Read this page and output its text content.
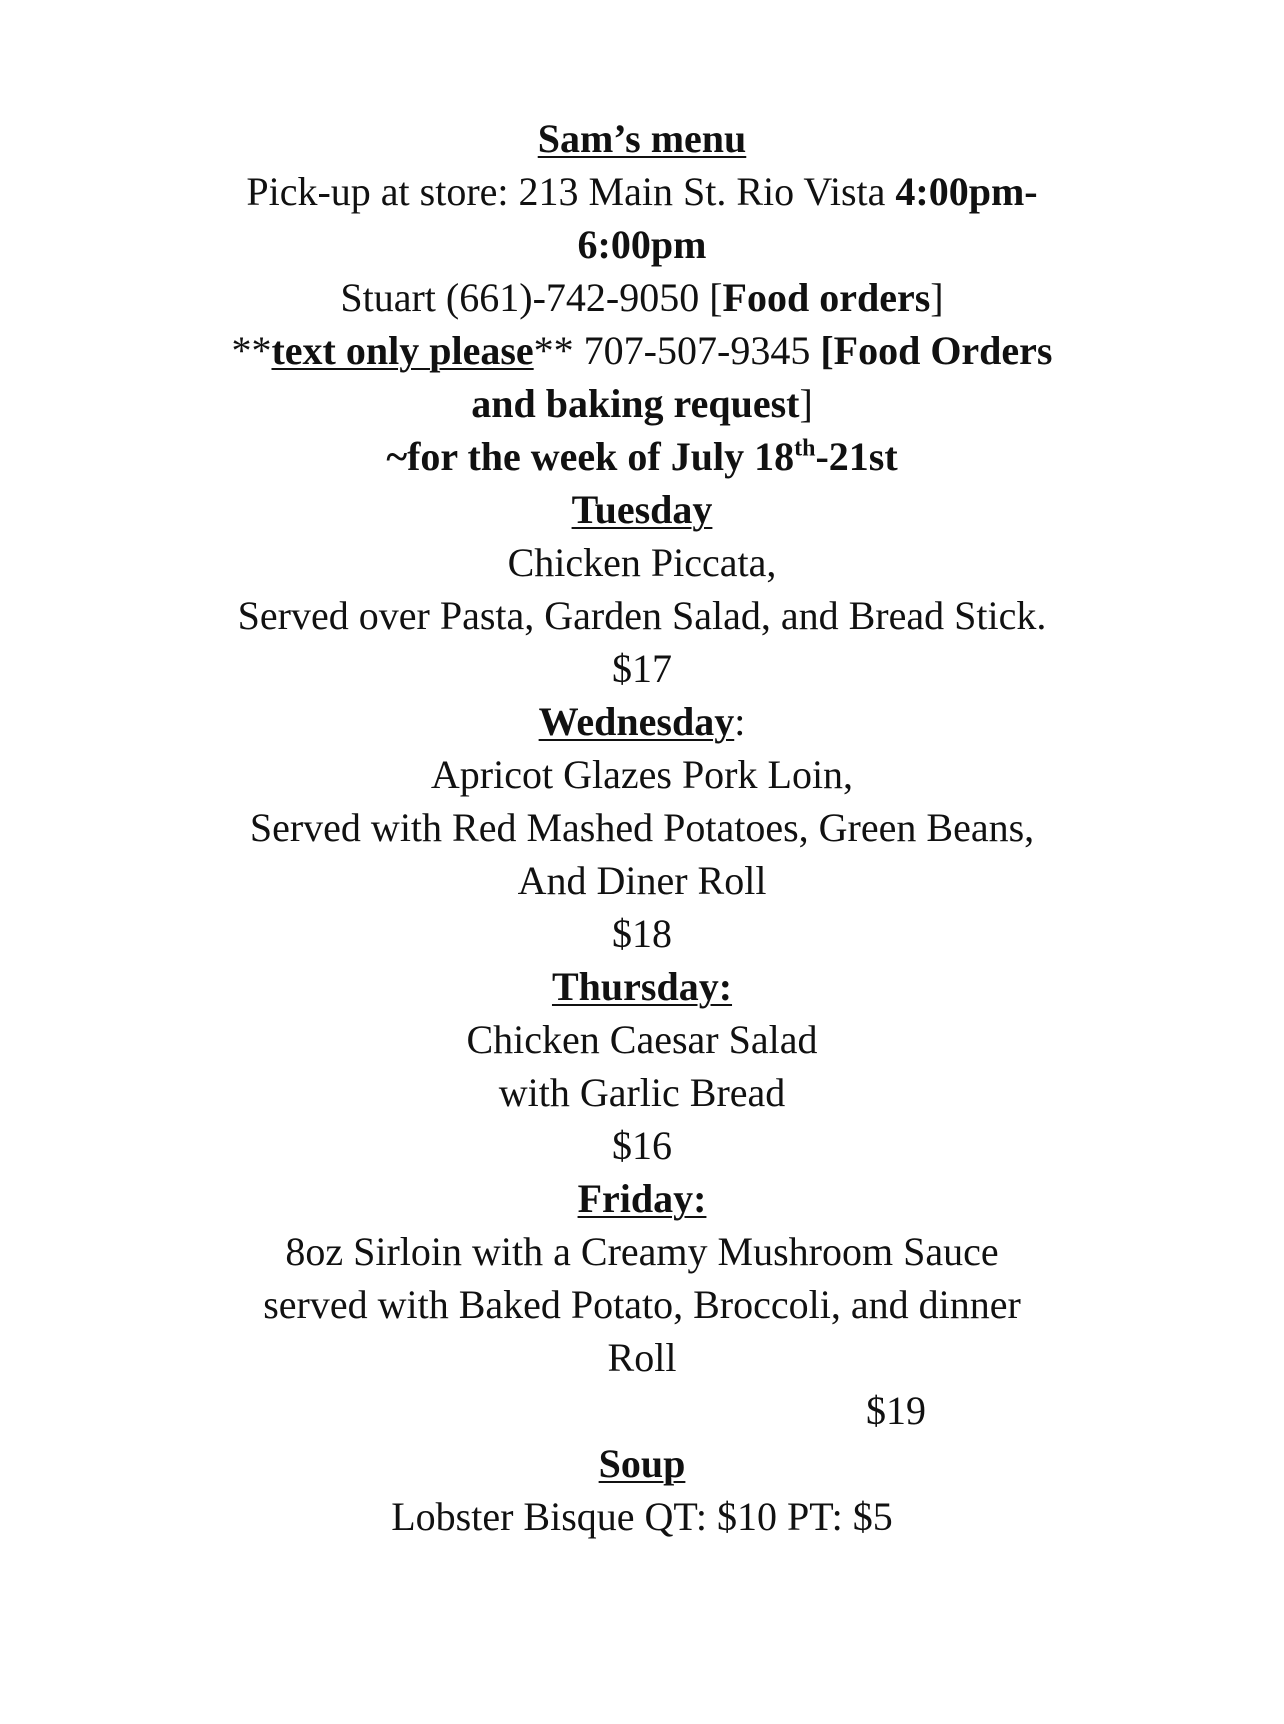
Sam’s menu
Pick-up at store: 213 Main St. Rio Vista 4:00pm-
6:00pm
Stuart (661)-742-9050 [Food orders]
**text only please** 707-507-9345 [Food Orders
and baking request]
~for the week of July 18th-21st
Tuesday
Chicken Piccata,
Served over Pasta, Garden Salad, and Bread Stick.
$17
Wednesday:
Apricot Glazes Pork Loin,
Served with Red Mashed Potatoes, Green Beans,
And Diner Roll
$18
Thursday:
Chicken Caesar Salad
with Garlic Bread
$16
Friday:
8oz Sirloin with a Creamy Mushroom Sauce
served with Baked Potato, Broccoli, and dinner
Roll
$19
Soup
Lobster Bisque QT: $10 PT: $5
